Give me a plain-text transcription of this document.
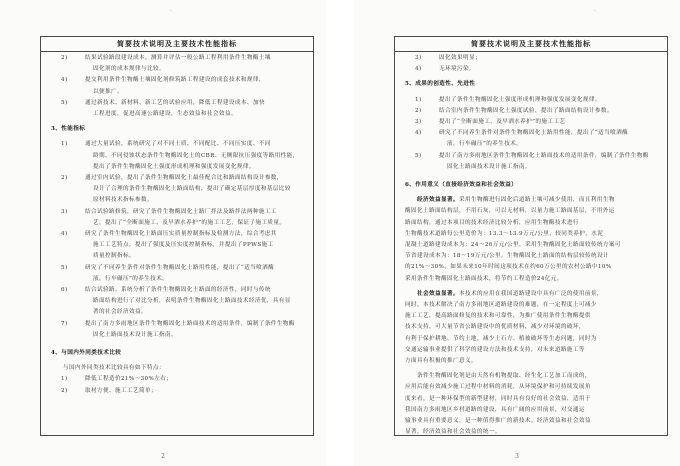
·
简要技术说明及主要技术性能指标
2)	结果试验路段建设成本，测算并评估一般公路工程利用条件生物酶土壤
固化剂的成本规律与比较。
4)	提交利用条件生物酶土壤固化剂修筑路工程建设的成套技术和规律，
以便推广。
5)	通过新技术、新材料、新工艺的试验应用，降低工程建设成本、加快
工程进度，促进高速公路建设，生态效益和社会效益。
3、性能指标
1)	通过大量试验，系统研究了对不同土质、不同配比、不同压实度、不同
龄期、不同侵蚀状态条件生物酶固化土的CBR、无侧限抗压强度等路用性能，
提出了条件生物酶固化土强度形成机理和强度发展变化规律。
2)	通过室内试验，提出了条件生物酶固化土最佳配合比和路面结构设计参数，
设计了合理的条件生物酶固化土路面结构，提出了确定基层厚度和基层比较
原材料技术指标参数。
3)	结合试验路修筑，研究了条件生物酶固化土路厂拌法及路拌法两种施工工
艺，提出了“全断面施工、及早洒水养护”的施工工艺，保证了施工质量。
4)	研究了条件生物酶固化土路面压实质量控制指标及检测方法，综合考虑其
施工工艺特点，提出了强度及压实度控制指标，并提出了PPWS施工
质量控制指标。
5)	研究了不同养生条件对条件生物酶固化土路用性能，提出了“适当喷洒酶
液，行车碾压”的养生技术。
6)	结合试验路、系统分析了条件生物酶固化土路面的经济性，同时与传统
路面结构进行了对比分析，表明条件生物酶固化土路面技术经济优，具有显
著的社会经济效益。
7)	提出了南方多雨地区条件生物酶固化土路面技术的适用条件，编制了条件生物酶
固化土路面技术设计施工指南。
4、与国内外同类技术比较
与国内外同类技术比较具有如下特点：
1)	降低工程造价21%～30%左右；
2)	取材方便、施工工艺简单；
2
·
简要技术说明及主要技术性能指标
3)	固化效果明显；
4)	无环境污染。
5、成果的创造性、先进性
1)	提出了条件生物酶固化土强度形成机理和强度发展变化规律。
2)	结合室内条件生物酶固化土强度试验，提出了路面结构设计参数。
3)	提出了“全断面施工、及早洒水养护”的施工工艺
4)	研究了不同养生条件对条件生物酶固化土路用性能，提出了“适当喷洒酶
液，行车碾压”的养生技术。
5)	提出了南方多雨地区条件生物酶固化土路面技术的适用条件，编制了条件生物酶
固化土路面技术设计施工指南。
6、作用意义（直接经济效益和社会效益）
经济效益显著。采用生物酶进行固化后道路土壤可减少使用，而且利用生物
酶固化土路面结构层，不用石灰，可以无材料，以量力施工路面基层，不用外运
路面结构。通过本项目的技术经济比较分析，应用生物酶技术进行
生物酶技术道路每公里造价为：13.3～13.9万元/公里，较同类养护，水泥
混凝土道路建设成本为：24～26万元/公里，采用生物酶固化土路面较传统方案可
节省建设成本为：18～19万元/公里。生物酶固化土路面的结构层较传统设计
的21%～30%，如果未来10年时间这项技术在约60万公里的农村公路中10%
采用条件生物酶固化土路面技术，将节约工程造价24亿元。
社会效益显著。本技术的应用在我国道路建设中具有广泛的使用前景，
同时，本技术解决了南方多雨地区道路建设的难题，在一定程度上可减少
施工工艺，提高路面修复的技术和可靠性，为推广使用条件生物酶提供
技术支持，可大量节省公路建设中的优质材料，减少对环境的破坏，
有利于保护耕地、节约土地，减少土石方、植被破坏等生态问题，同时为
交通运输事业提供了科学的建设方法和技术支持，对未来道路施工等
方面具有积极的推广意义。
条件生物酶固化剂是由天然有机物提取、经生化工艺加工而成的，
应用后能有效减少施工过程中材料的消耗，从环境保护和可持续发展角
度来看，是一种环保型的新型建材，同时具有良好的社会效益，适用于
我国南方多雨地区乡村道路的建设，具有广阔的应用前景，对交通运
输事业具有重要意义，是一种值得推广的新技术。经济效益和社会效益
显著，经济效益和社会效益的统一。
3
